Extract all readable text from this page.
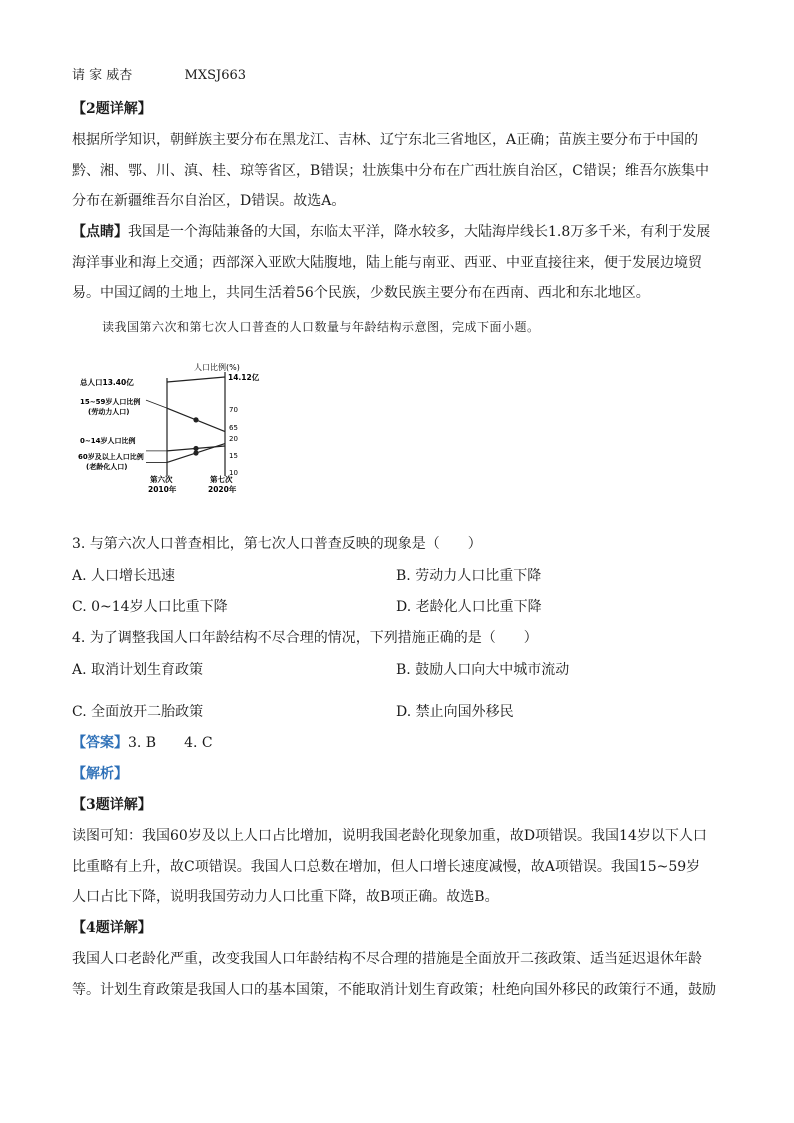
请 家 威杏	MXSJ663
【2题详解】
根据所学知识，朝鲜族主要分布在黑龙江、吉林、辽宁东北三省地区，A正确；苗族主要分布于中国的
黔、湘、鄂、川、滇、桂、琼等省区，B错误；壮族集中分布在广西壮族自治区，C错误；维吾尔族集中
分布在新疆维吾尔自治区，D错误。故选A。
【点睛】我国是一个海陆兼备的大国，东临太平洋，降水较多，大陆海岸线长1.8万多千米，有利于发展
海洋事业和海上交通；西部深入亚欧大陆腹地，陆上能与南亚、西亚、中亚直接往来，便于发展边境贸
易。中国辽阔的土地上，共同生活着56个民族，少数民族主要分布在西南、西北和东北地区。
读我国第六次和第七次人口普查的人口数量与年龄结构示意图，完成下面小题。
人口比例(%)
总人口13.40亿
14.12亿
70
65
20
15
10
15~59岁人口比例
(劳动力人口)
0~14岁人口比例
60岁及以上人口比例
(老龄化人口)
第六次
2010年
第七次
2020年
3. 与第六次人口普查相比，第七次人口普查反映的现象是（　　）
A. 人口增长迅速	B. 劳动力人口比重下降
C. 0~14岁人口比重下降	D. 老龄化人口比重下降
4. 为了调整我国人口年龄结构不尽合理的情况，下列措施正确的是（　　）
A. 取消计划生育政策	B. 鼓励人口向大中城市流动
C. 全面放开二胎政策	D. 禁止向国外移民
【答案】3. B　　4. C
【解析】
【3题详解】
读图可知：我国60岁及以上人口占比增加，说明我国老龄化现象加重，故D项错误。我国14岁以下人口
比重略有上升，故C项错误。我国人口总数在增加，但人口增长速度减慢，故A项错误。我国15~59岁
人口占比下降，说明我国劳动力人口比重下降，故B项正确。故选B。
【4题详解】
我国人口老龄化严重，改变我国人口年龄结构不尽合理的措施是全面放开二孩政策、适当延迟退休年龄
等。计划生育政策是我国人口的基本国策，不能取消计划生育政策；杜绝向国外移民的政策行不通，鼓励
